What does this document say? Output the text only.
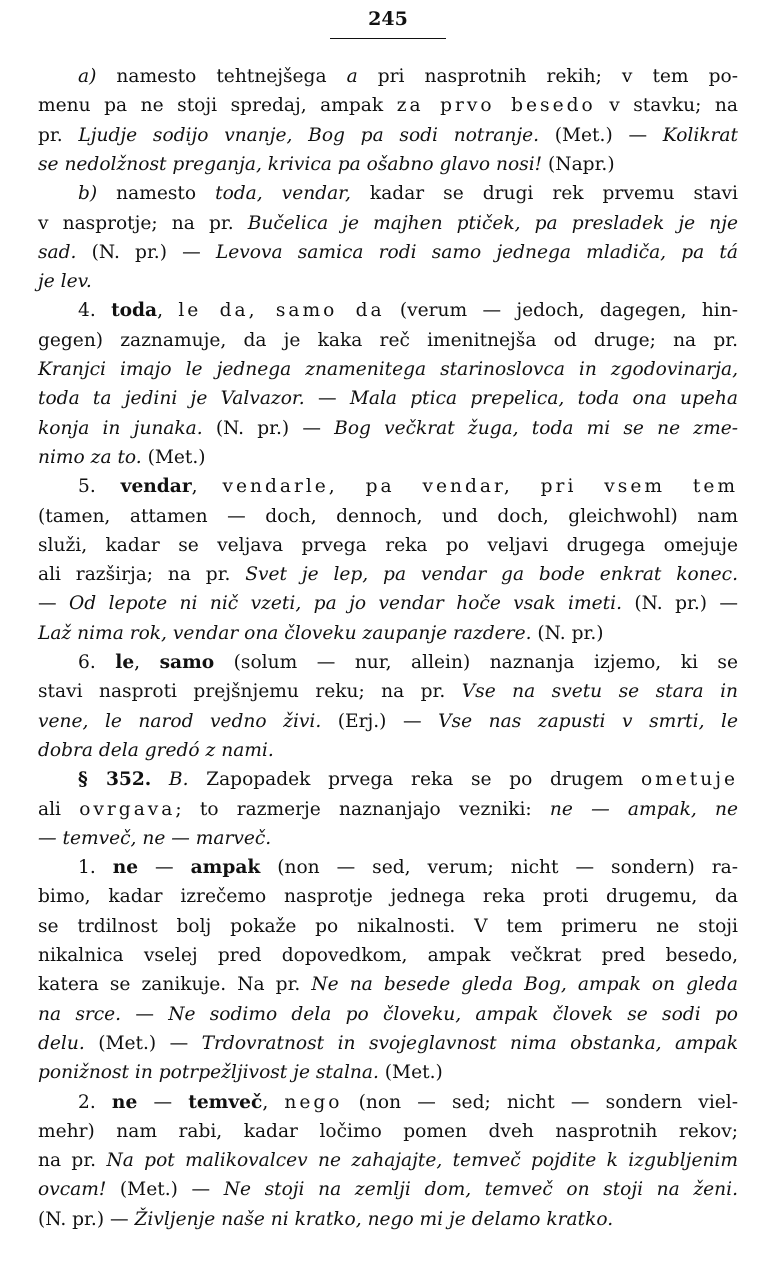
245
a) namesto tehtnejšega a pri nasprotnih rekih; v tem po-
menu pa ne stoji spredaj, ampak za prvo besedo v stavku; na
pr. Ljudje sodijo vnanje, Bog pa sodi notranje. (Met.) — Kolikrat
se nedolžnost preganja, krivica pa ošabno glavo nosi! (Napr.)
b) namesto toda, vendar, kadar se drugi rek prvemu stavi
v nasprotje; na pr. Bučelica je majhen ptiček, pa presladek je nje
sad. (N. pr.) — Levova samica rodi samo jednega mladiča, pa tá
je lev.
4. toda, le da, samo da (verum — jedoch, dagegen, hin-
gegen) zaznamuje, da je kaka reč imenitnejša od druge; na pr.
Kranjci imajo le jednega znamenitega starinoslovca in zgodovinarja,
toda ta jedini je Valvazor. — Mala ptica prepelica, toda ona upeha
konja in junaka. (N. pr.) — Bog večkrat žuga, toda mi se ne zme-
nimo za to. (Met.)
5. vendar, vendarle, pa vendar, pri vsem tem
(tamen, attamen — doch, dennoch, und doch, gleichwohl) nam
služi, kadar se veljava prvega reka po veljavi drugega omejuje
ali razširja; na pr. Svet je lep, pa vendar ga bode enkrat konec.
— Od lepote ni nič vzeti, pa jo vendar hoče vsak imeti. (N. pr.) —
Laž nima rok, vendar ona človeku zaupanje razdere. (N. pr.)
6. le, samo (solum — nur, allein) naznanja izjemo, ki se
stavi nasproti prejšnjemu reku; na pr. Vse na svetu se stara in
vene, le narod vedno živi. (Erj.) — Vse nas zapusti v smrti, le
dobra dela gredó z nami.
§ 352. B. Zapopadek prvega reka se po drugem ometuje
ali ovrgava; to razmerje naznanjajo vezniki: ne — ampak, ne
— temveč, ne — marveč.
1. ne — ampak (non — sed, verum; nicht — sondern) ra-
bimo, kadar izrečemo nasprotje jednega reka proti drugemu, da
se trdilnost bolj pokaže po nikalnosti. V tem primeru ne stoji
nikalnica vselej pred dopovedkom, ampak večkrat pred besedo,
katera se zanikuje. Na pr. Ne na besede gleda Bog, ampak on gleda
na srce. — Ne sodimo dela po človeku, ampak človek se sodi po
delu. (Met.) — Trdovratnost in svojeglavnost nima obstanka, ampak
ponižnost in potrpežljivost je stalna. (Met.)
2. ne — temveč, nego (non — sed; nicht — sondern viel-
mehr) nam rabi, kadar ločimo pomen dveh nasprotnih rekov;
na pr. Na pot malikovalcev ne zahajajte, temveč pojdite k izgubljenim
ovcam! (Met.) — Ne stoji na zemlji dom, temveč on stoji na ženi.
(N. pr.) — Življenje naše ni kratko, nego mi je delamo kratko.
